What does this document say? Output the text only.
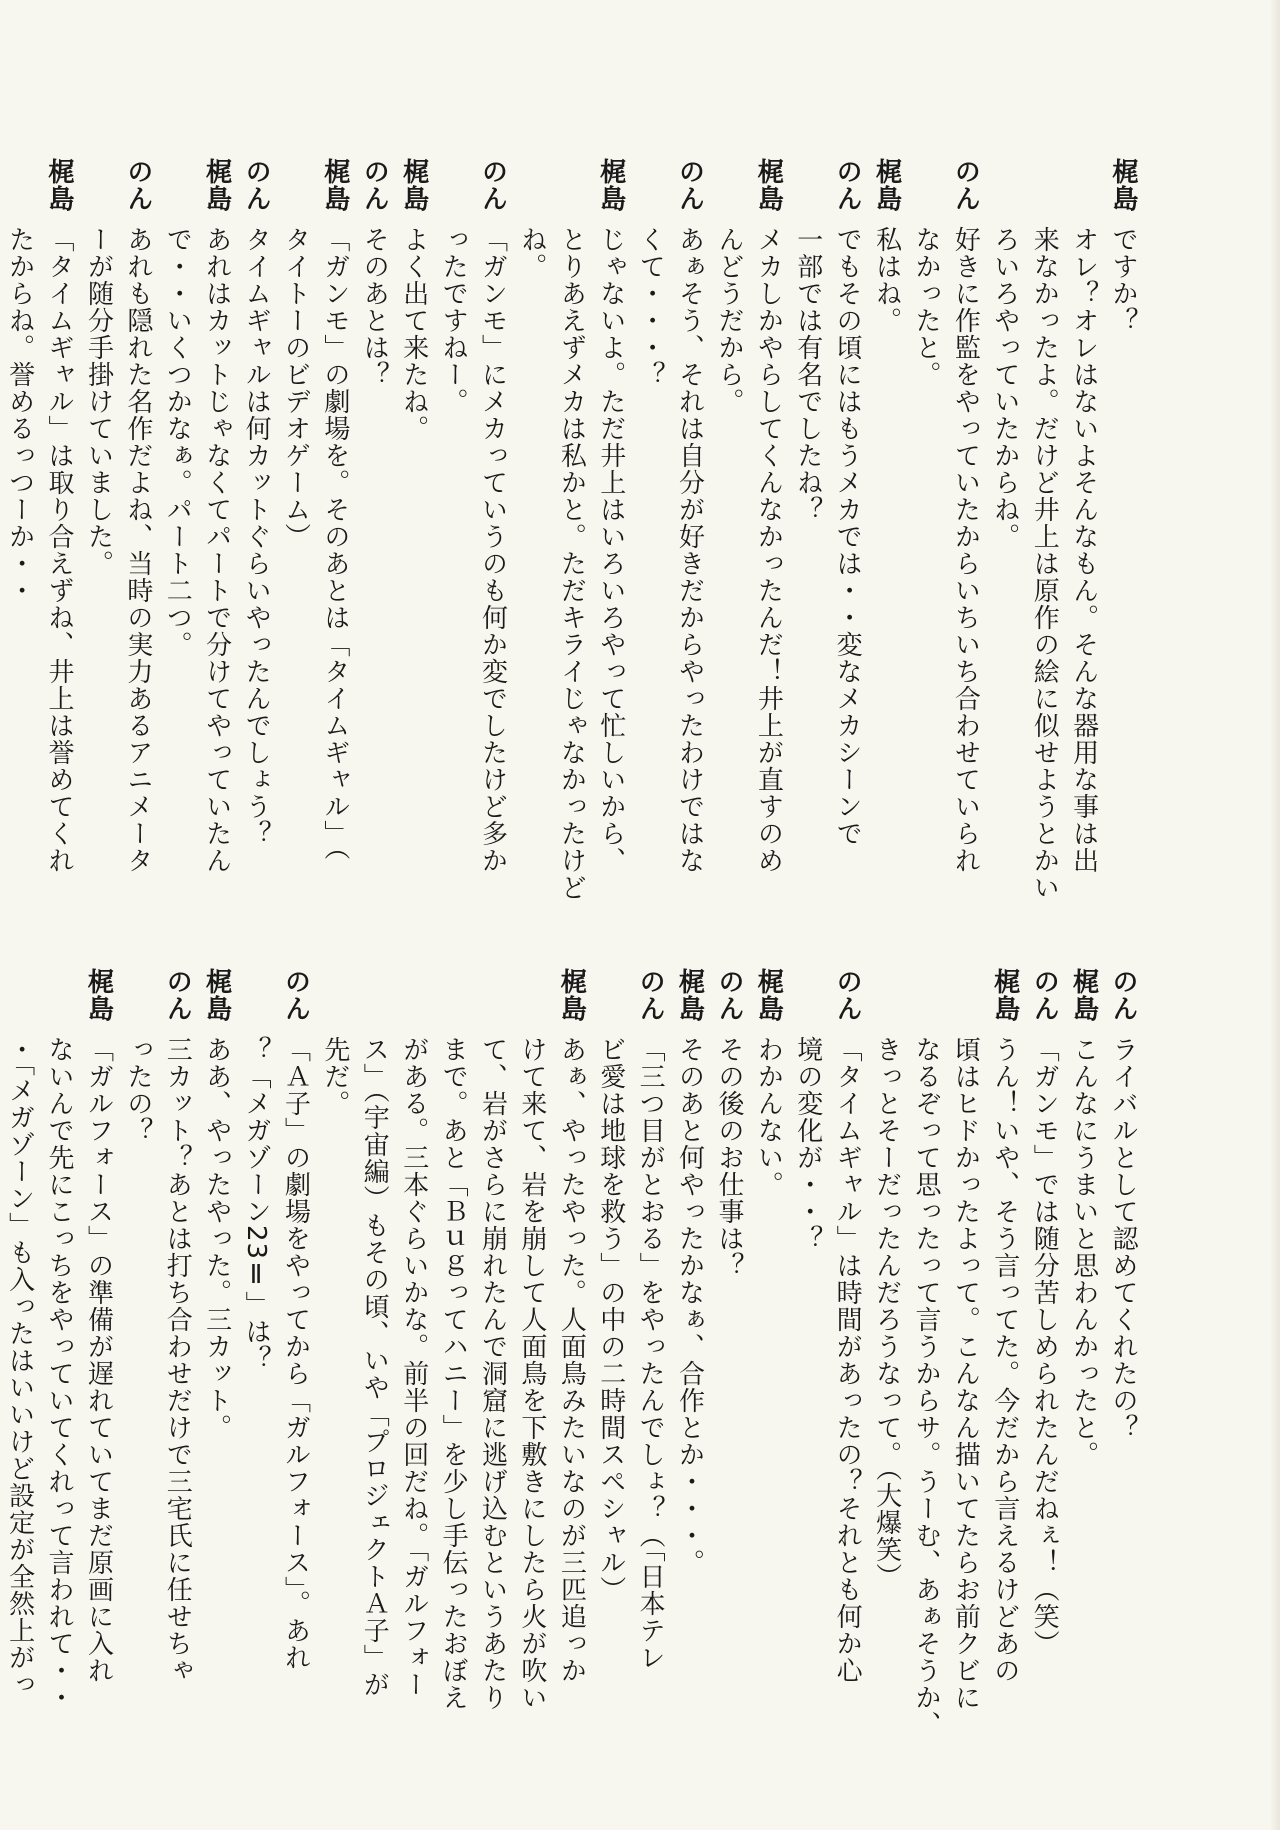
梶島ですか？
オレ？オレはないよそんなもん。そんな器用な事は出
来なかったよ。だけど井上は原作の絵に似せようとかい
ろいろやっていたからね。
のん好きに作監をやっていたからいちいち合わせていられ
なかったと。
梶島私はね。
のんでもその頃にはもうメカでは・・変なメカシーンで
一部では有名でしたね？
梶島メカしかやらしてくんなかったんだ！井上が直すのめ
んどうだから。
のんあぁそう、それは自分が好きだからやったわけではな
くて・・・？
梶島じゃないよ。ただ井上はいろいろやって忙しいから、
とりあえずメカは私かと。ただキライじゃなかったけど
ね。
のん「ガンモ」にメカっていうのも何か変でしたけど多か
ったですねー。
梶島よく出て来たね。
のんそのあとは？
梶島「ガンモ」の劇場を。そのあとは「タイムギャル」（
タイトーのビデオゲーム）
のんタイムギャルは何カットぐらいやったんでしょう？
梶島あれはカットじゃなくてパートで分けてやっていたん
で・・いくつかなぁ。パート二つ。
のんあれも隠れた名作だよね、当時の実力あるアニメータ
ーが随分手掛けていました。
梶島「タイムギャル」は取り合えずね、井上は誉めてくれ
たからね。誉めるっつーか・・
のんライバルとして認めてくれたの？
梶島こんなにうまいと思わんかったと。
のん「ガンモ」では随分苦しめられたんだねぇ！（笑）
梶島うん！いや、そう言ってた。今だから言えるけどあの
頃はヒドかったよって。こんなん描いてたらお前クビに
なるぞって思ったって言うからサ。うーむ、あぁそうか、
きっとそーだったんだろうなって。（大爆笑）
のん「タイムギャル」は時間があったの？それとも何か心
境の変化が・・？
梶島わかんない。
のんその後のお仕事は？
梶島そのあと何やったかなぁ、合作とか・・・。
のん「三つ目がとおる」をやったんでしょ？（「日本テレ
ビ愛は地球を救う」の中の二時間スペシャル）
梶島あぁ、やったやった。人面鳥みたいなのが三匹追っか
けて来て、岩を崩して人面鳥を下敷きにしたら火が吹い
て、岩がさらに崩れたんで洞窟に逃げ込むというあたり
まで。あと「Ｂｕｇってハニー」を少し手伝ったおぼえ
がある。三本ぐらいかな。前半の回だね。「ガルフォー
ス」（宇宙編）もその頃、いや「プロジェクトＡ子」が
先だ。
のん「Ａ子」の劇場をやってから「ガルフォース」。あれ
？「メガゾーン23Ⅱ」は？
梶島ああ、やったやった。三カット。
のん三カット？あとは打ち合わせだけで三宅氏に任せちゃ
ったの？
梶島「ガルフォース」の準備が遅れていてまだ原画に入れ
ないんで先にこっちをやっていてくれって言われて・・
・「メガゾーン」も入ったはいいけど設定が全然上がっ
